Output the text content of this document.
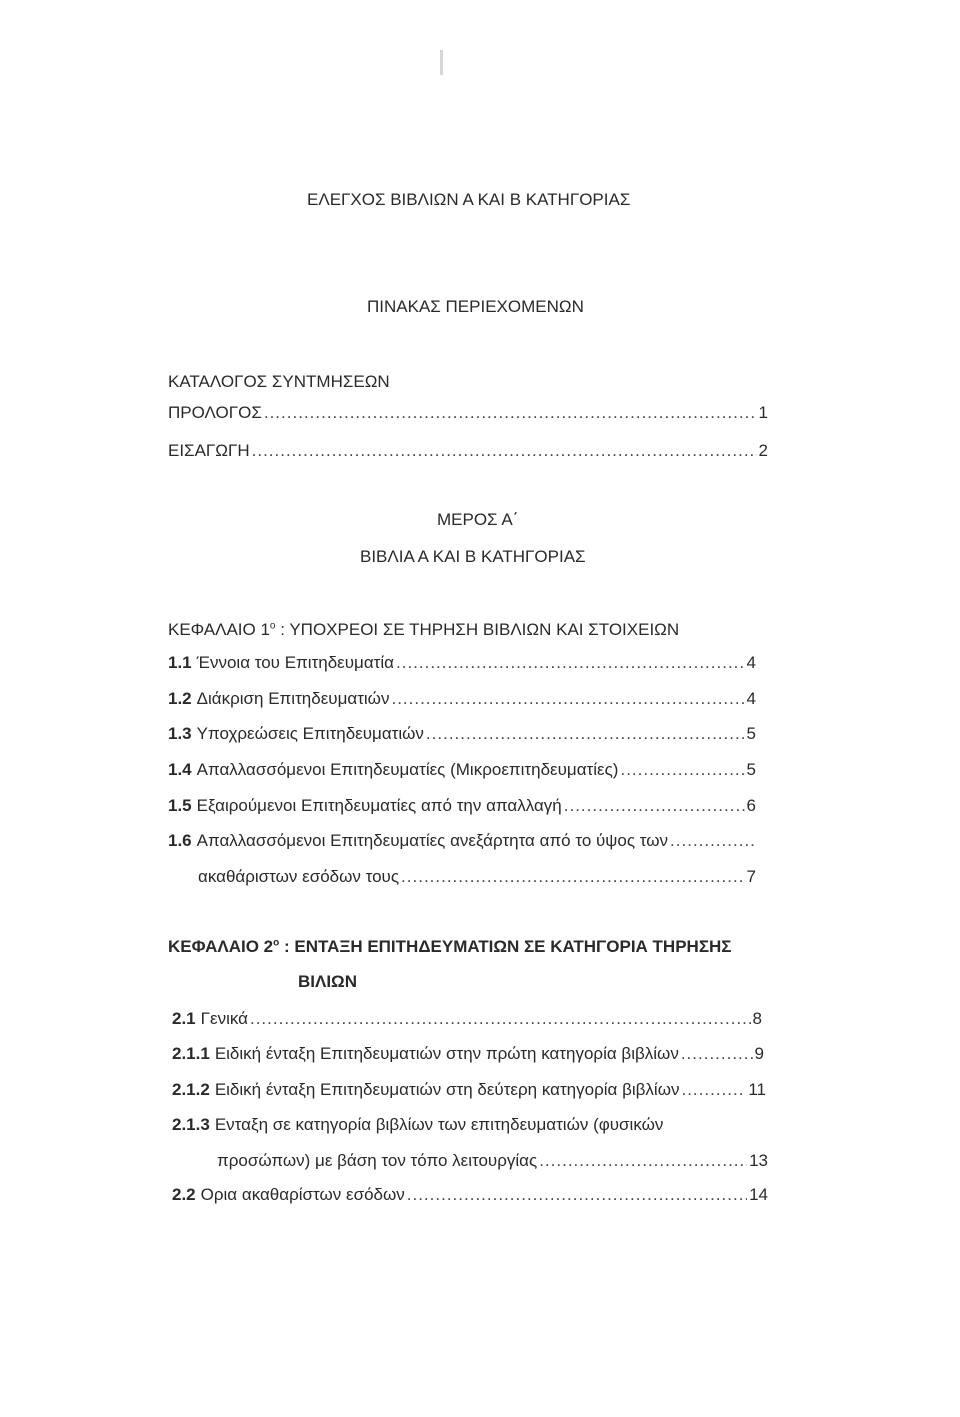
ΕΛΕΓΧΟΣ ΒΙΒΛΙΩΝ Α ΚΑΙ Β ΚΑΤΗΓΟΡΙΑΣ
ΠΙΝΑΚΑΣ ΠΕΡΙΕΧΟΜΕΝΩΝ
ΚΑΤΑΛΟΓΟΣ ΣΥΝΤΜΗΣΕΩΝ
ΠΡΟΛΟΓΟΣ .....	1
ΕΙΣΑΓΩΓΗ .....	2
ΜΕΡΟΣ Α΄
ΒΙΒΛΙΑ Α ΚΑΙ Β ΚΑΤΗΓΟΡΙΑΣ
ΚΕΦΑΛΑΙΟ $1^o$ : ΥΠΟΧΡΕΟΙ ΣΕ ΤΗΡΗΣΗ ΒΙΒΛΙΩΝ ΚΑΙ ΣΤΟΙΧΕΙΩΝ
1.1 Έννοια του Επιτηδευματία .....	4
1.2 Διάκριση Επιτηδευματιών .....	4
1.3 Υποχρεώσεις Επιτηδευματιών .....	5
1.4 Απαλλασσόμενοι Επιτηδευματίες (Μικροεπιτηδευματίες) .....	5
1.5 Εξαιρούμενοι Επιτηδευματίες από την απαλλαγή .....	6
1.6 Απαλλασσόμενοι Επιτηδευματίες ανεξάρτητα από το ύψος των
.....
ακαθάριστων εσόδων τους .....	7
ΚΕΦΑΛΑΙΟ $2^o$ : ΕΝΤΑΞΗ ΕΠΙΤΗΔΕΥΜΑΤΙΩΝ ΣΕ ΚΑΤΗΓΟΡΙΑ ΤΗΡΗΣΗΣ
ΒΙΛΙΩΝ
2.1 Γενικά .....	8
2.1.1 Ειδική ένταξη Επιτηδευματιών στην πρώτη κατηγορία βιβλίων .....	9
2.1.2 Ειδική ένταξη Επιτηδευματιών στη δεύτερη κατηγορία βιβλίων .....	11
2.1.3 Ενταξη σε κατηγορία βιβλίων των επιτηδευματιών (φυσικών
προσώπων) με βάση τον τόπο λειτουργίας .....	13
2.2 Ορια ακαθαρίστων εσόδων .....	14
